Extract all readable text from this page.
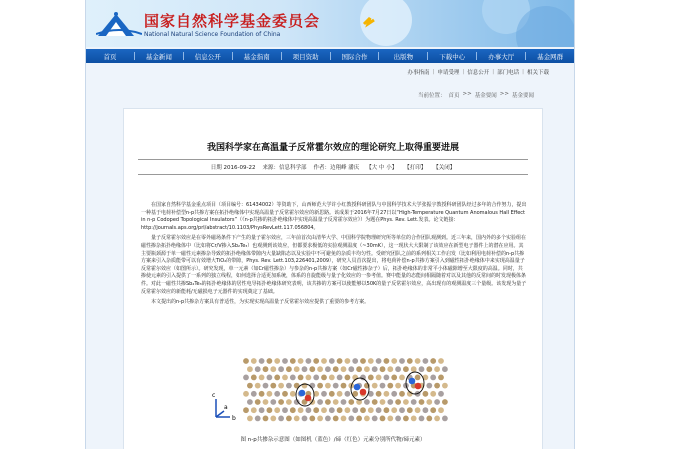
国家自然科学基金委员会
National Natural Science Foundation of China
首页	基金新闻	信息公开	基金指南	项目资助	国际合作	出版物	下载中心	办事大厅	基金网群
办事指南 | 申请受理 | 信息公开 | 部门电话 | 相关下载
当前位置： 首页 >> 基金要闻 >> 基金要闻
我国科学家在高温量子反常霍尔效应的理论研究上取得重要进展
日期 2016-09-22 来源：信息科学部 作者：边翔峰 潘庆 【大 中 小】 【打印】 【关闭】

在国家自然科学基金重点项目（项目编号：61434002）等资助下，山西师范大学许小红教授科研团队与中国科学技术大学张振宇教授科研团队经过多年的合作努力，提出一种基于电荷补偿型n-p共掺方案在拓扑绝缘体中实现高温量子反常霍尔效应的新思路。该成果于2016年7月27日以“High-Temperature Quantum Anomalous Hall Effect in n-p Codoped Topological Insulators”（《n-p共掺的拓扑绝缘体中实现高温量子反常霍尔效应》）为题在Phys. Rev. Lett.发表。论文链接： http://journals.aps.org/prl/abstract/10.1103/PhysRevLett.117.056804。

量子反常霍尔效应是在零外磁场条件下产生的量子霍尔效应，三年前首次由清华大学、中国科学院物理研究所等单位的合作团队观测到。近三年来，国内外的多个实验组在磁性掺杂拓扑绝缘体中（比如将Cr/V掺入Sb₂Te₃）也观测到该效应，但都要求极低的实验观测温度（~30mK），这一现状大大限制了该效应在新型电子器件上的潜在应用。其主要瓶颈源于单一磁性元素掺杂导致的拓扑绝缘体带隙内大量缺陷态以及实验中不可避免的杂质丰均匀性。受研究团队之前的系列相关工作启发（比如利用电荷补偿的n-p共掺方案来引入杂质能带可以有效增大TiO₂的带隙，Phys. Rev. Lett.103,226401,2009），研究人员首次提出，将电荷补偿n-p共掺方案引入到磁性拓扑绝缘体中来实现高温量子反常霍尔效应（如图所示）。研究发现，单一元素（如Cr磁性掺杂）与参杂的n-p共掺方案（如Cr磁性掺杂子）后，拓扑绝缘体的非常平小体磁隙增至大限度的高温。同时，共掺使元素的引入提供了一系列的独立线程，如何选择合适更加系统，体系的自旋能级与量子化效应的一参考值。赛中能量的态能间相隔随着对以及其他的反常间的时发现极体条件。对此一磁性共掺Sb₂Te₃的拓扑绝缘体的居性电导拓扑绝缘体研究表明，该共掺的方案可以使能够以50K的量子反常霍尔效应，高出现有的观测温度三个量级。该发现为量子反常霍尔效应的新能耗/无磁损电子元器件的实现奠定了基础。

本文提出的n-p共掺杂方案具有普适性，为实现实现高温量子反常霍尔效应提供了重要的参考方案。

c
b
a
图 n-p共掺杂示意图（如图机（蓝色）/碲（红色）元素分别所代物/碲元素）
